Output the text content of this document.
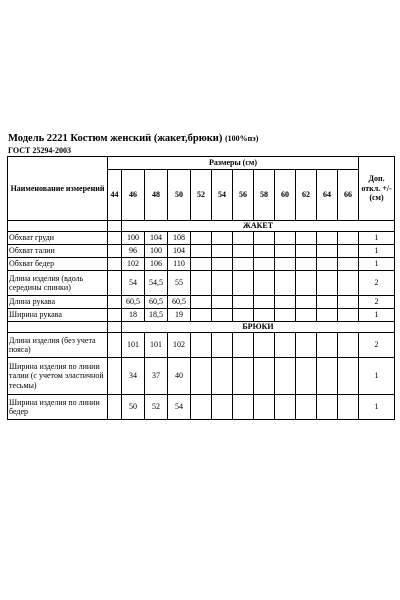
Модель 2221 Костюм женский (жакет,брюки) (100%пэ)
ГОСТ 25294-2003
Наименование измерений	Размеры (см)												Доп. откл. +/- (см)
	44	46	48	50	52	54	56	58	60	62	64	66	
		ЖАКЕТ											
Обхват груди		100	104	108									1
Обхват талии		96	100	104									1
Обхват бедер		102	106	110									1
Длина изделия (вдоль середины спинки)		54	54,5	55									2
Длина рукава		60,5	60,5	60,5									2
Ширина рукава		18	18,5	19									1
		БРЮКИ											
Длина изделия (без учета пояса)		101	101	102									2
Ширина изделия по линии талии (с учетом эластичной тесьмы)		34	37	40									1
Ширина изделия по линии бедер		50	52	54									1
